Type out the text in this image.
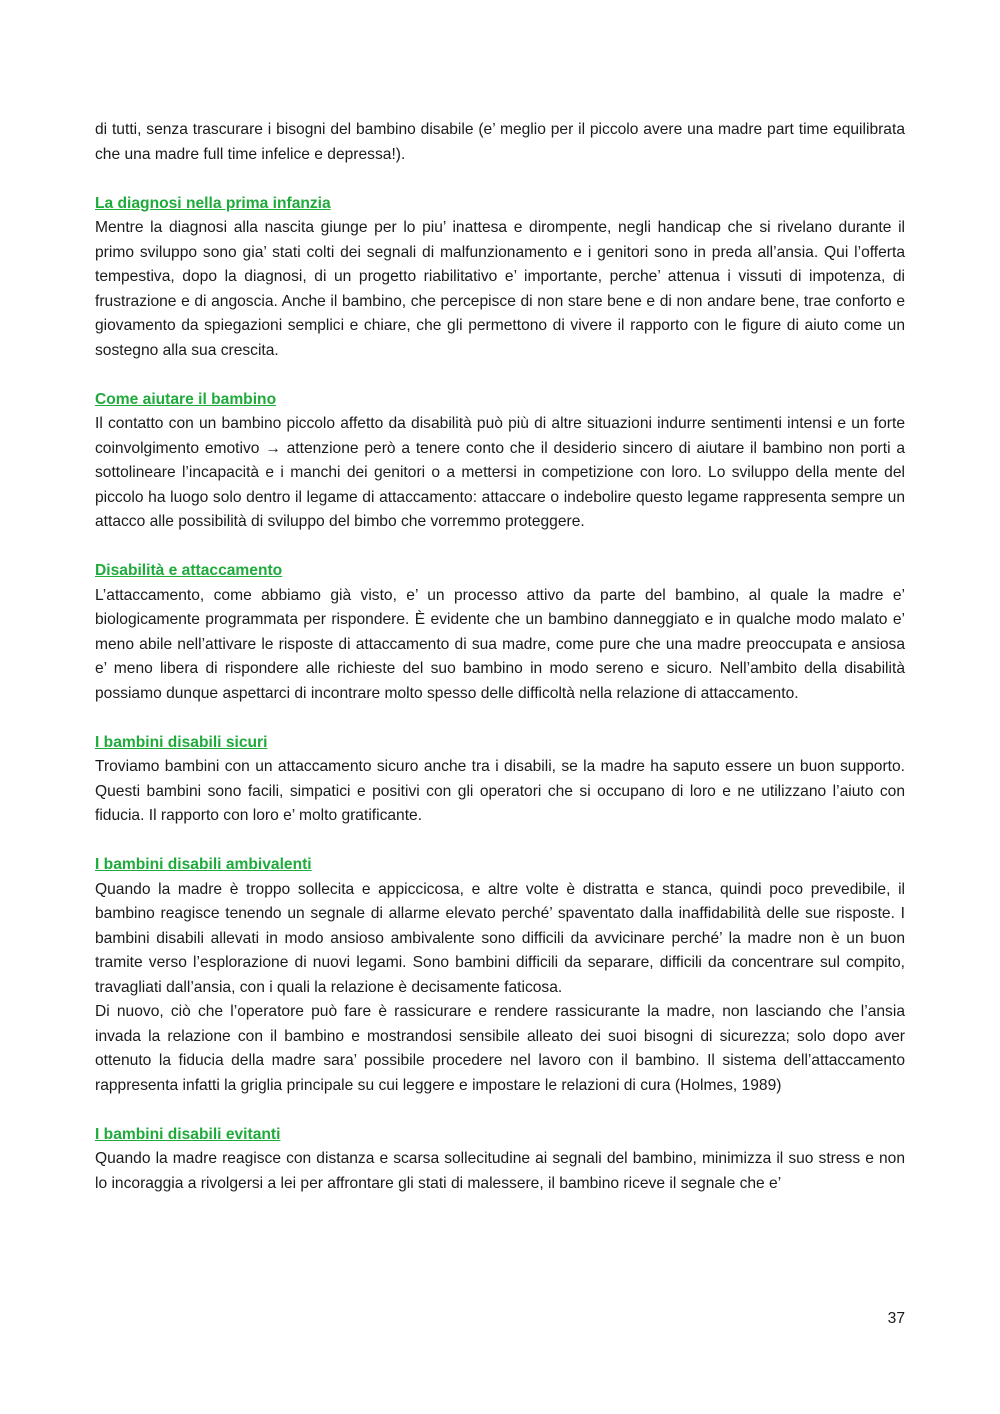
di tutti, senza trascurare i bisogni del bambino disabile (e’ meglio per il piccolo avere una madre part time equilibrata che una madre full time infelice e depressa!).

La diagnosi nella prima infanzia

Mentre la diagnosi alla nascita giunge per lo piu’ inattesa e dirompente, negli handicap che si rivelano durante il primo sviluppo sono gia’ stati colti dei segnali di malfunzionamento e i genitori sono in preda all’ansia. Qui l’offerta tempestiva, dopo la diagnosi, di un progetto riabilitativo e’ importante, perche’ attenua i vissuti di impotenza, di frustrazione e di angoscia. Anche il bambino, che percepisce di non stare bene e di non andare bene, trae conforto e giovamento da spiegazioni semplici e chiare, che gli permettono di vivere il rapporto con le figure di aiuto come un sostegno alla sua crescita.

Come aiutare il bambino

Il contatto con un bambino piccolo affetto da disabilità può più di altre situazioni indurre sentimenti intensi e un forte coinvolgimento emotivo → attenzione però a tenere conto che il desiderio sincero di aiutare il bambino non porti a sottolineare l’incapacità e i manchi dei genitori o a mettersi in competizione con loro. Lo sviluppo della mente del piccolo ha luogo solo dentro il legame di attaccamento: attaccare o indebolire questo legame rappresenta sempre un attacco alle possibilità di sviluppo del bimbo che vorremmo proteggere.

Disabilità e attaccamento

L’attaccamento, come abbiamo già visto, e’ un processo attivo da parte del bambino, al quale la madre e’ biologicamente programmata per rispondere. È evidente che un bambino danneggiato e in qualche modo malato e’ meno abile nell’attivare le risposte di attaccamento di sua madre, come pure che una madre preoccupata e ansiosa e’ meno libera di rispondere alle richieste del suo bambino in modo sereno e sicuro. Nell’ambito della disabilità possiamo dunque aspettarci di incontrare molto spesso delle difficoltà nella relazione di attaccamento.

I bambini disabili sicuri

Troviamo bambini con un attaccamento sicuro anche tra i disabili, se la madre ha saputo essere un buon supporto. Questi bambini sono facili, simpatici e positivi con gli operatori che si occupano di loro e ne utilizzano l’aiuto con fiducia. Il rapporto con loro e’ molto gratificante.

I bambini disabili ambivalenti

Quando la madre è troppo sollecita e appiccicosa, e altre volte è distratta e stanca, quindi poco prevedibile, il bambino reagisce tenendo un segnale di allarme elevato perché’ spaventato dalla inaffidabilità delle sue risposte. I bambini disabili allevati in modo ansioso ambivalente sono difficili da avvicinare perché’ la madre non è un buon tramite verso l’esplorazione di nuovi legami. Sono bambini difficili da separare, difficili da concentrare sul compito, travagliati dall’ansia, con i quali la relazione è decisamente faticosa.

Di nuovo, ciò che l’operatore può fare è rassicurare e rendere rassicurante la madre, non lasciando che l’ansia invada la relazione con il bambino e mostrandosi sensibile alleato dei suoi bisogni di sicurezza; solo dopo aver ottenuto la fiducia della madre sara’ possibile procedere nel lavoro con il bambino. Il sistema dell’attaccamento rappresenta infatti la griglia principale su cui leggere e impostare le relazioni di cura (Holmes, 1989)

I bambini disabili evitanti

Quando la madre reagisce con distanza e scarsa sollecitudine ai segnali del bambino, minimizza il suo stress e non lo incoraggia a rivolgersi a lei per affrontare gli stati di malessere, il bambino riceve il segnale che e’

37
